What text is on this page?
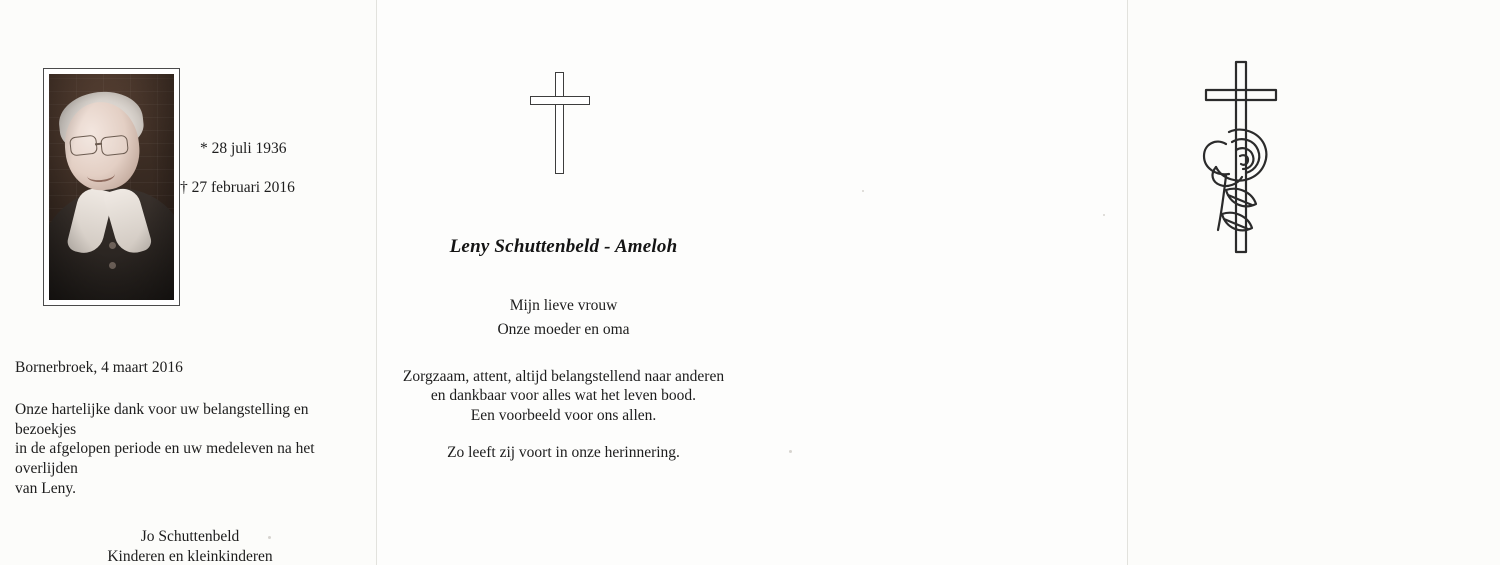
* 28 juli 1936
† 27 februari 2016
Bornerbroek, 4 maart 2016
Onze hartelijke dank voor uw belangstelling en bezoekjes
in de afgelopen periode en uw medeleven na het overlijden
van Leny.
Jo Schuttenbeld
Kinderen en kleinkinderen
Leny Schuttenbeld - Ameloh
Mijn lieve vrouw
Onze moeder en oma
Zorgzaam, attent, altijd belangstellend naar anderen
en dankbaar voor alles wat het leven bood.
Een voorbeeld voor ons allen.
Zo leeft zij voort in onze herinnering.
